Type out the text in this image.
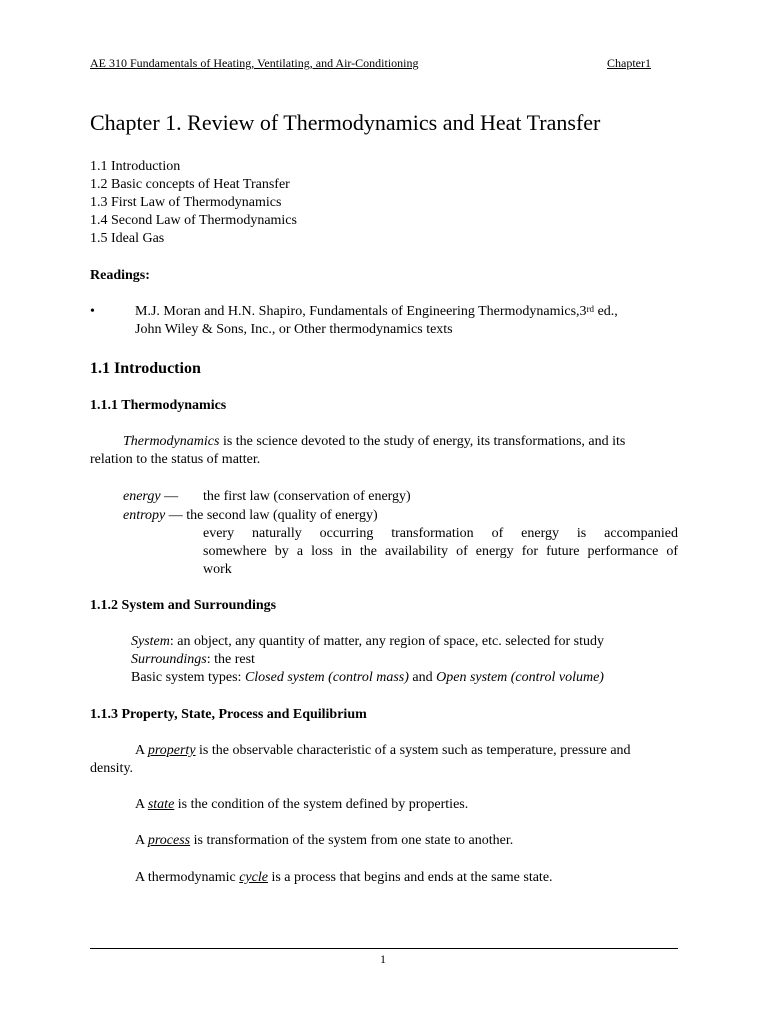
AE 310 Fundamentals of Heating, Ventilating, and Air-Conditioning	Chapter1
Chapter 1. Review of Thermodynamics and Heat Transfer
1.1 Introduction
1.2 Basic concepts of Heat Transfer
1.3 First Law of Thermodynamics
1.4 Second Law of Thermodynamics
1.5 Ideal Gas
Readings:
•	M.J. Moran and H.N. Shapiro, Fundamentals of Engineering Thermodynamics,3rd ed.,
John Wiley & Sons, Inc., or Other thermodynamics texts
1.1 Introduction
1.1.1 Thermodynamics
Thermodynamics is the science devoted to the study of energy, its transformations, and its
relation to the status of matter.
energy — the first law (conservation of energy)
entropy — the second law (quality of energy)
every naturally occurring transformation of energy is accompanied
somewhere by a loss in the availability of energy for future performance of
work
1.1.2 System and Surroundings
System: an object, any quantity of matter, any region of space, etc. selected for study
Surroundings: the rest
Basic system types: Closed system (control mass) and Open system (control volume)
1.1.3 Property, State, Process and Equilibrium
A property is the observable characteristic of a system such as temperature, pressure and
density.
A state is the condition of the system defined by properties.
A process is transformation of the system from one state to another.
A thermodynamic cycle is a process that begins and ends at the same state.
1
